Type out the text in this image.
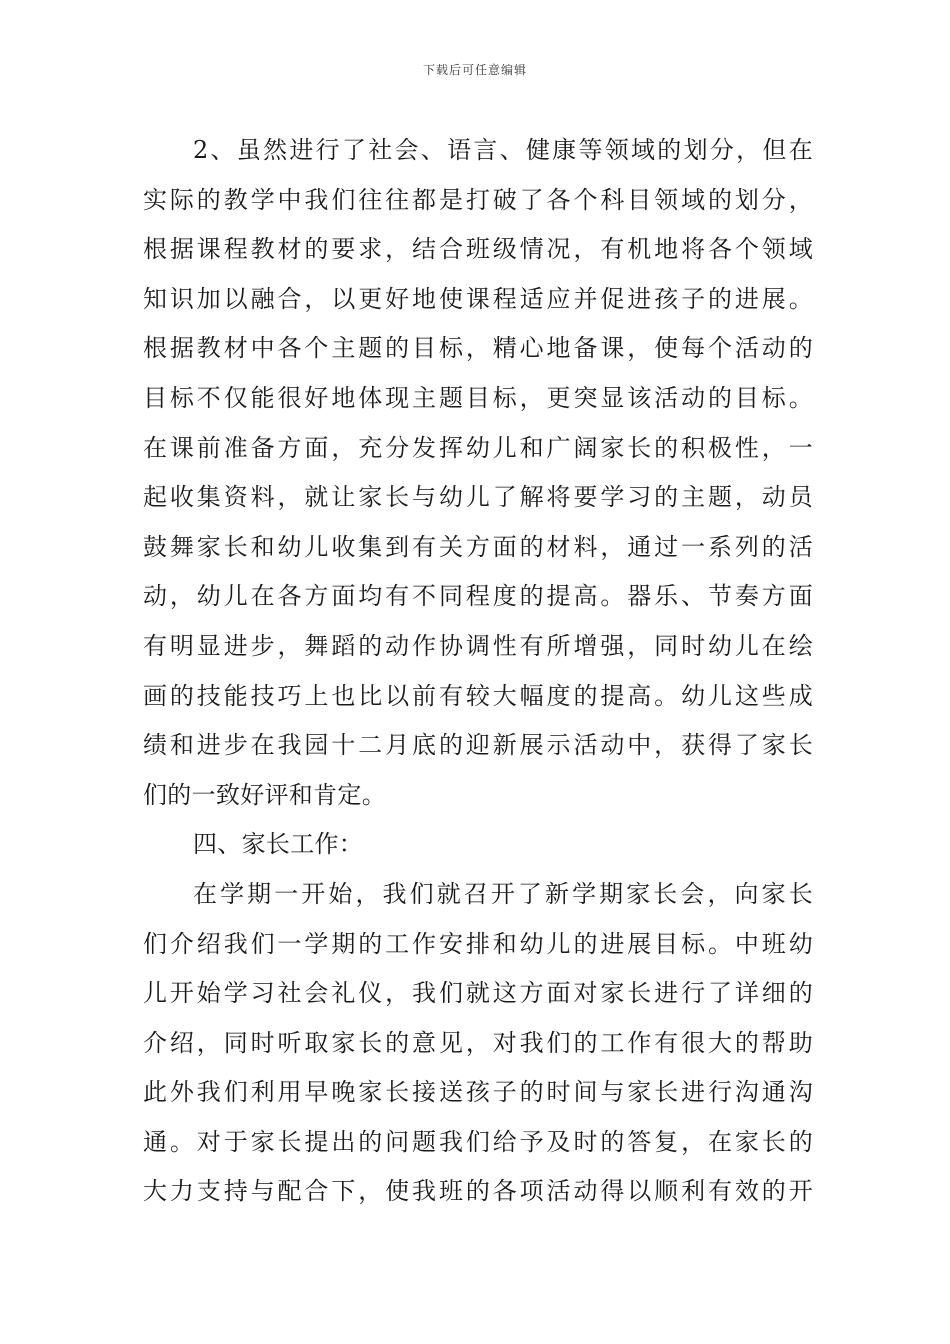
下载后可任意编辑
2、虽然进行了社会、语言、健康等领域的划分，但在
实际的教学中我们往往都是打破了各个科目领域的划分，
根据课程教材的要求，结合班级情况，有机地将各个领域
知识加以融合，以更好地使课程适应并促进孩子的进展。
根据教材中各个主题的目标，精心地备课，使每个活动的
目标不仅能很好地体现主题目标，更突显该活动的目标。
在课前准备方面，充分发挥幼儿和广阔家长的积极性，一
起收集资料，就让家长与幼儿了解将要学习的主题，动员
鼓舞家长和幼儿收集到有关方面的材料，通过一系列的活
动，幼儿在各方面均有不同程度的提高。器乐、节奏方面
有明显进步，舞蹈的动作协调性有所增强，同时幼儿在绘
画的技能技巧上也比以前有较大幅度的提高。幼儿这些成
绩和进步在我园十二月底的迎新展示活动中，获得了家长
们的一致好评和肯定。
四、家长工作：
在学期一开始，我们就召开了新学期家长会，向家长
们介绍我们一学期的工作安排和幼儿的进展目标。中班幼
儿开始学习社会礼仪，我们就这方面对家长进行了详细的
介绍，同时听取家长的意见，对我们的工作有很大的帮助
此外我们利用早晚家长接送孩子的时间与家长进行沟通沟
通。对于家长提出的问题我们给予及时的答复，在家长的
大力支持与配合下，使我班的各项活动得以顺利有效的开
